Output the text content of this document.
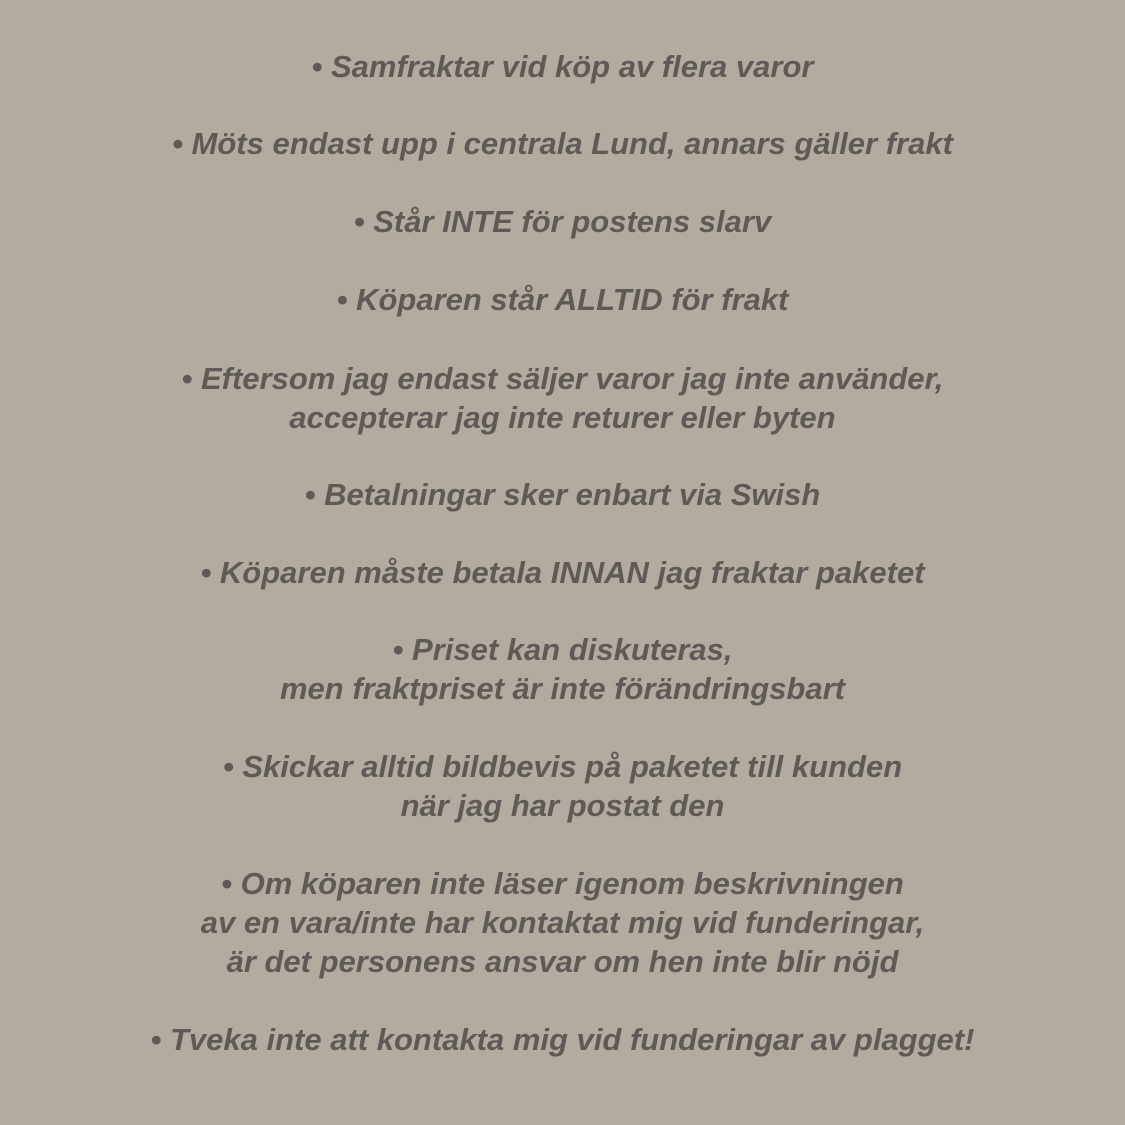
• Samfraktar vid köp av flera varor

• Möts endast upp i centrala Lund, annars gäller frakt

• Står INTE för postens slarv

• Köparen står ALLTID för frakt

• Eftersom jag endast säljer varor jag inte använder,
accepterar jag inte returer eller byten

• Betalningar sker enbart via Swish

• Köparen måste betala INNAN jag fraktar paketet

• Priset kan diskuteras,
men fraktpriset är inte förändringsbart

• Skickar alltid bildbevis på paketet till kunden
när jag har postat den

• Om köparen inte läser igenom beskrivningen
av en vara/inte har kontaktat mig vid funderingar,
är det personens ansvar om hen inte blir nöjd

• Tveka inte att kontakta mig vid funderingar av plagget!
